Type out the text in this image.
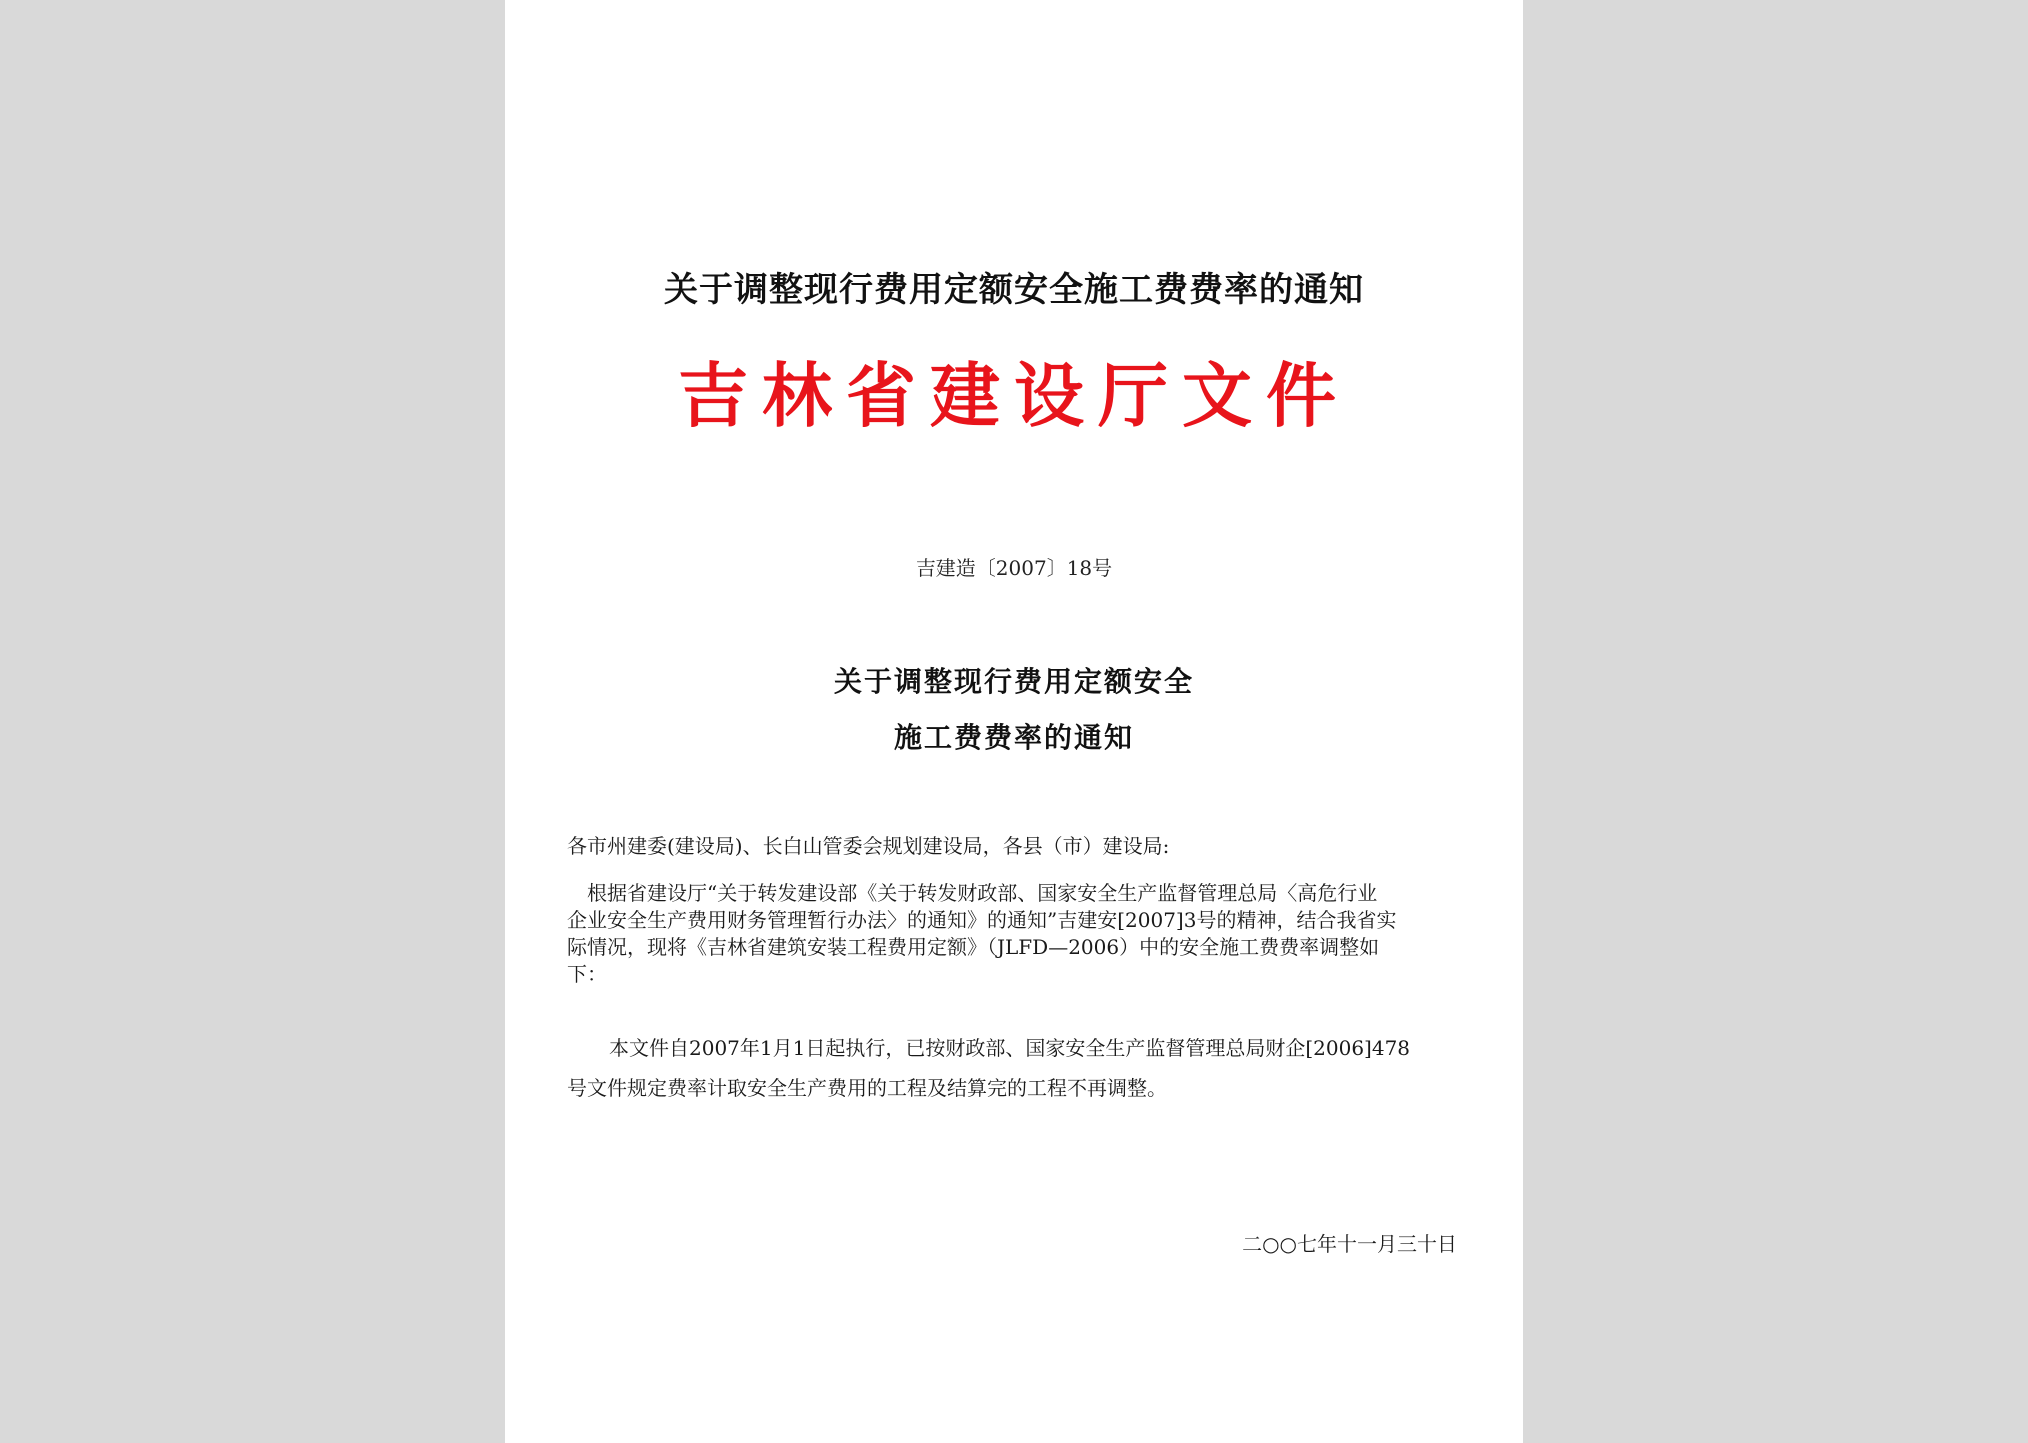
关于调整现行费用定额安全施工费费率的通知
吉林省建设厅文件
吉建造〔2007〕18号
关于调整现行费用定额安全
施工费费率的通知

各市州建委(建设局)、长白山管委会规划建设局，各县（市）建设局:

根据省建设厅“关于转发建设部《关于转发财政部、国家安全生产监督管理总局〈高危行业
企业安全生产费用财务管理暂行办法〉的通知》的通知”吉建安[2007]3号的精神，结合我省实
际情况，现将《吉林省建筑安装工程费用定额》（JLFD—2006）中的安全施工费费率调整如
下：
本文件自2007年1月1日起执行，已按财政部、国家安全生产监督管理总局财企[2006]478
号文件规定费率计取安全生产费用的工程及结算完的工程不再调整。
二○○七年十一月三十日
